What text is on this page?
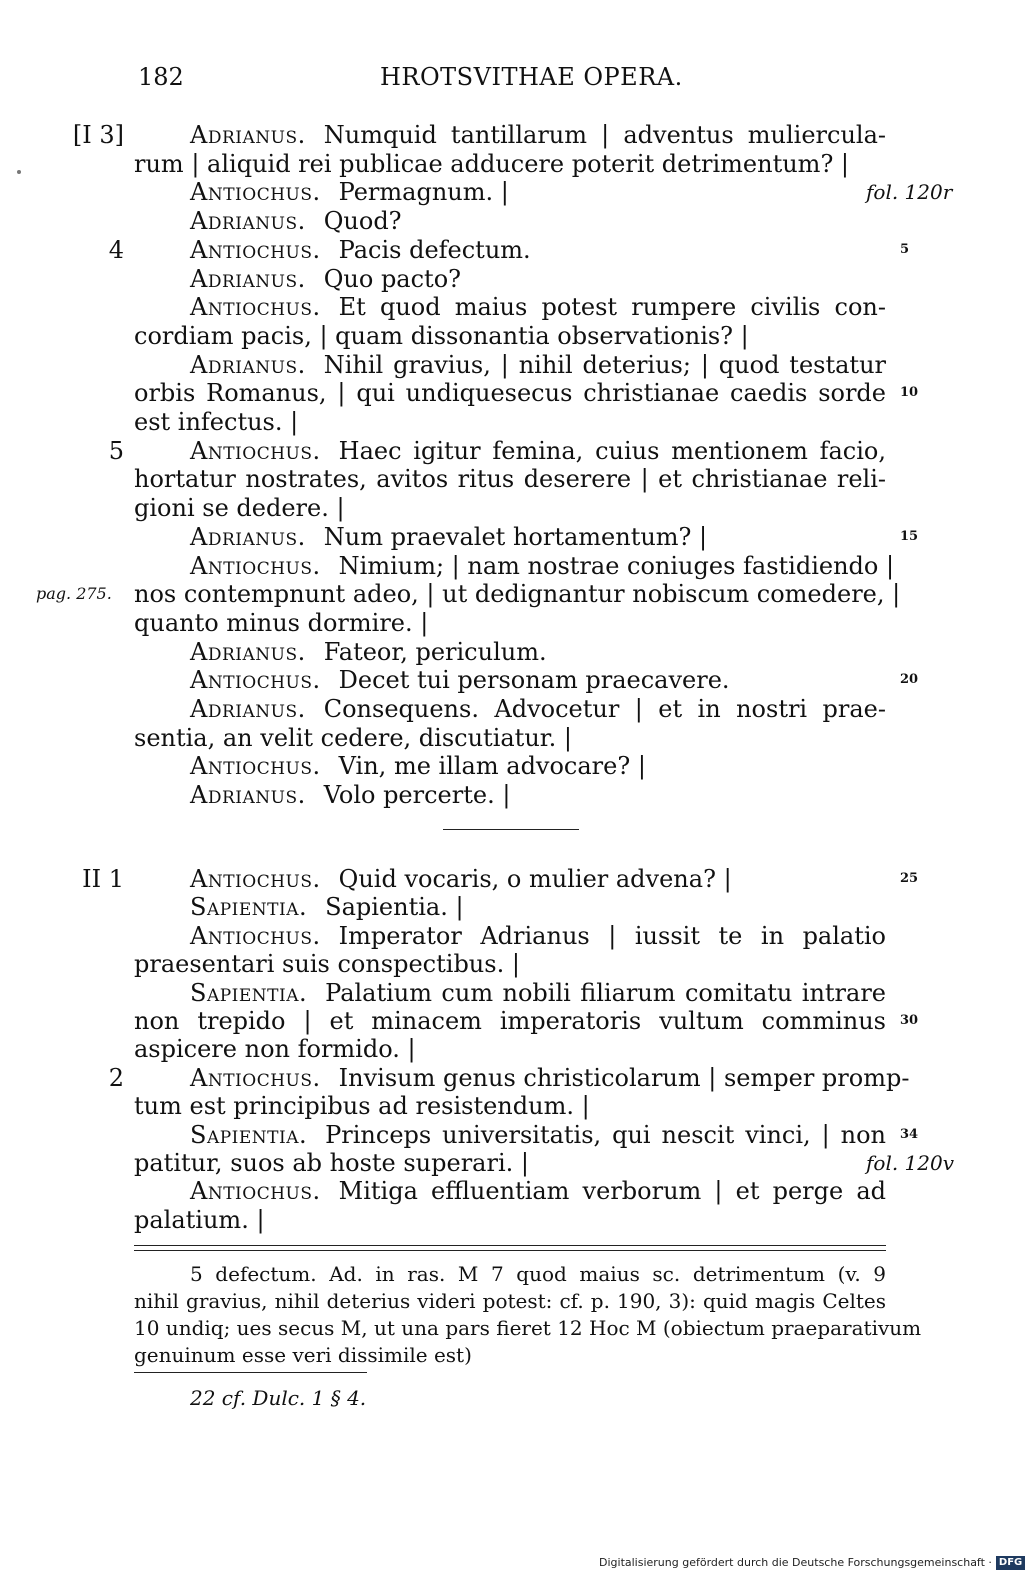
182	HROTSVITHAE OPERA.
[I 3]	Adrianus. Numquid tantillarum | adventus muliercula-
rum | aliquid rei publicae adducere poterit detrimentum? |
Antiochus. Permagnum. |	fol. 120r
Adrianus. Quod?
4	Antiochus. Pacis defectum.	5
Adrianus. Quo pacto?
Antiochus. Et quod maius potest rumpere civilis con-
cordiam pacis, | quam dissonantia observationis? |
Adrianus. Nihil gravius, | nihil deterius; | quod testatur
orbis Romanus, | qui undiquesecus christianae caedis sorde 10
est infectus. |
5	Antiochus. Haec igitur femina, cuius mentionem facio,
hortatur nostrates, avitos ritus deserere | et christianae reli-
gioni se dedere. |
Adrianus. Num praevalet hortamentum? |	15
Antiochus. Nimium; | nam nostrae coniuges fastidiendo |
pag. 275. nos contempnunt adeo, | ut dedignantur nobiscum comedere, |
quanto minus dormire. |
Adrianus. Fateor, periculum.
Antiochus. Decet tui personam praecavere.	20
Adrianus. Consequens. Advocetur | et in nostri prae-
sentia, an velit cedere, discutiatur. |
Antiochus. Vin, me illam advocare? |
Adrianus. Volo percerte. |
II 1	Antiochus. Quid vocaris, o mulier advena? |	25
Sapientia. Sapientia. |
Antiochus. Imperator Adrianus | iussit te in palatio
praesentari suis conspectibus. |
Sapientia. Palatium cum nobili filiarum comitatu intrare
non trepido | et minacem imperatoris vultum comminus 30
aspicere non formido. |
2	Antiochus. Invisum genus christicolarum | semper promp-
tum est principibus ad resistendum. |
Sapientia. Princeps universitatis, qui nescit vinci, | non 34
patitur, suos ab hoste superari. |	fol. 120v
Antiochus. Mitiga effluentiam verborum | et perge ad
palatium. |
5 defectum. Ad. in ras. M 7 quod maius sc. detrimentum (v. 9
nihil gravius, nihil deterius videri potest: cf. p. 190, 3): quid magis Celtes
10 undiq; ues secus M, ut una pars fieret 12 Hoc M (obiectum praeparativum
genuinum esse veri dissimile est)
22 cf. Dulc. 1 § 4.
Digitalisierung gefördert durch die Deutsche Forschungsgemeinschaft · DFG
